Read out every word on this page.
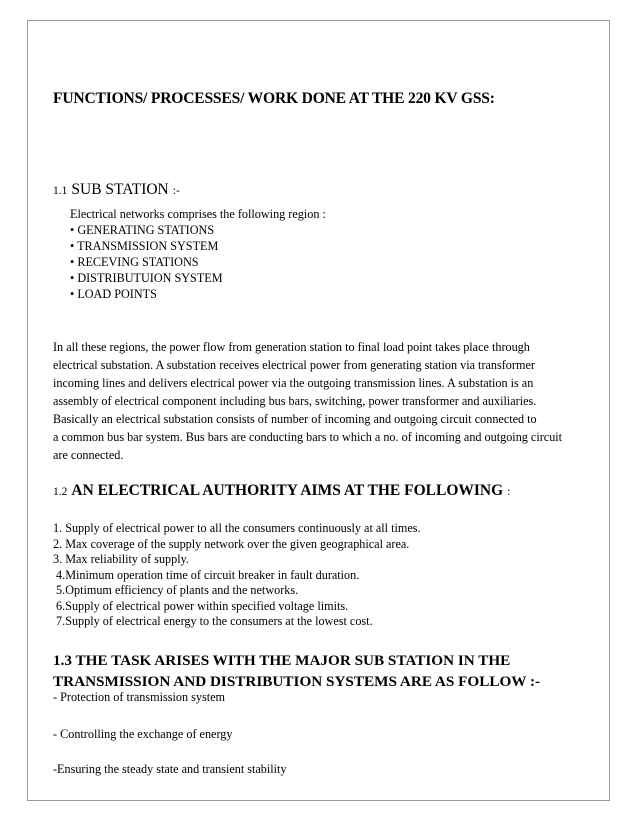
FUNCTIONS/ PROCESSES/ WORK DONE AT THE 220 KV GSS:
1.1 SUB STATION :-
Electrical networks comprises the following region :
• GENERATING STATIONS
• TRANSMISSION SYSTEM
• RECEVING STATIONS
• DISTRIBUTUION SYSTEM
• LOAD POINTS
In all these regions, the power flow from generation station to final load point takes place through
electrical substation. A substation receives electrical power from generating station via transformer
incoming lines and delivers electrical power via the outgoing transmission lines. A substation is an
assembly of electrical component including bus bars, switching, power transformer and auxiliaries.
Basically an electrical substation consists of number of incoming and outgoing circuit connected to
a common bus bar system. Bus bars are conducting bars to which a no. of incoming and outgoing circuit
are connected.
1.2 AN ELECTRICAL AUTHORITY AIMS AT THE FOLLOWING :
1. Supply of electrical power to all the consumers continuously at all times.
2. Max coverage of the supply network over the given geographical area.
3. Max reliability of supply.
4.Minimum operation time of circuit breaker in fault duration.
5.Optimum efficiency of plants and the networks.
6.Supply of electrical power within specified voltage limits.
7.Supply of electrical energy to the consumers at the lowest cost.
1.3 THE TASK ARISES WITH THE MAJOR SUB STATION IN THE
TRANSMISSION AND DISTRIBUTION SYSTEMS ARE AS FOLLOW :-
- Protection of transmission system
- Controlling the exchange of energy
-Ensuring the steady state and transient stability
